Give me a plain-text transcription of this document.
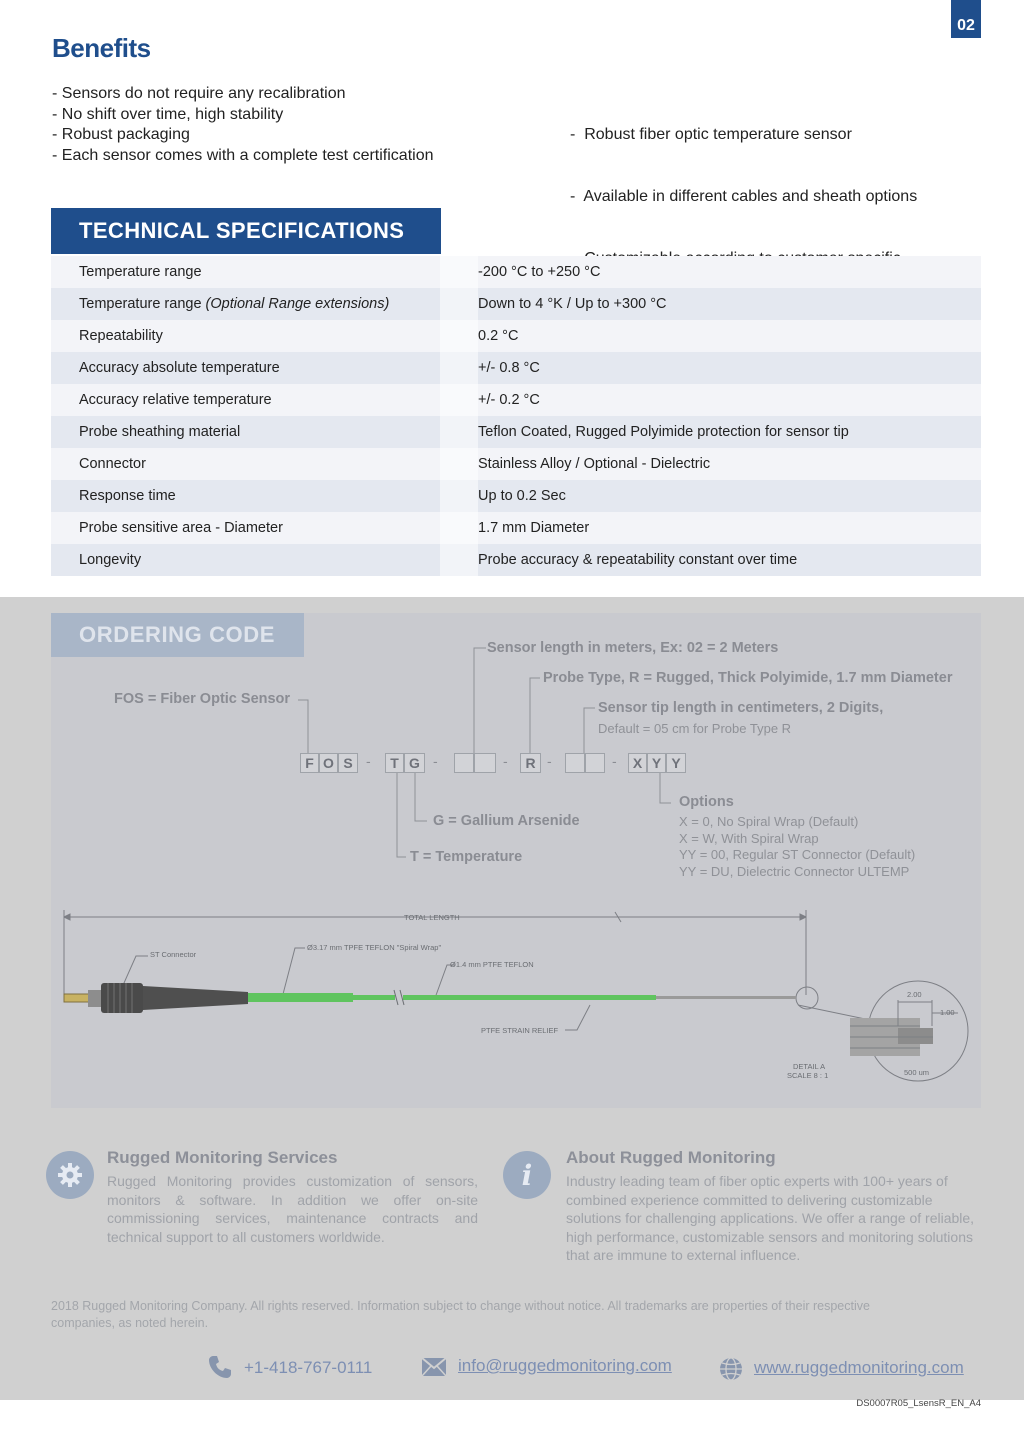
02
Benefits
- Sensors do not require any recalibration
- No shift over time, high stability
- Robust packaging
- Each sensor comes with a complete test certification

-  Robust fiber optic temperature sensor

-  Available in different cables and sheath options

TECHNICAL SPECIFICATIONS
Temperature range	-200 °C to +250 °C
Temperature range (Optional Range extensions)	Down to 4 °K / Up to +300 °C
Repeatability	0.2 °C
Accuracy absolute temperature	+/- 0.8 °C
Accuracy relative temperature	+/- 0.2 °C
Probe sheathing material	Teflon Coated, Rugged Polyimide protection for sensor tip
Connector	Stainless Alloy / Optional - Dielectric
Response time	Up to 0.2 Sec
Probe sensitive area - Diameter	1.7 mm Diameter
Longevity	Probe accuracy & repeatability constant over time
ORDERING CODE
Sensor length in meters, Ex: 02 = 2 Meters
Probe Type, R = Rugged, Thick Polyimide, 1.7 mm Diameter
FOS = Fiber Optic Sensor
Sensor tip length in centimeters, 2 Digits,
Default = 05 cm for Probe Type R
F O S -	T G -	-	R -	-	X Y Y
G = Gallium Arsenide
T = Temperature
Options
X = 0, No Spiral Wrap (Default)
X = W, With Spiral Wrap
YY = 00, Regular ST Connector (Default)
YY = DU, Dielectric Connector ULTEMP
TOTAL LENGTH
ST Connector
Ø3.17 mm TPFE TEFLON "Spiral Wrap"
Ø1.4 mm PTFE TEFLON
PTFE STRAIN RELIEF
DETAIL A
SCALE 8 : 1
2.00
1.00
500 um
Rugged Monitoring Services
Rugged Monitoring provides customization of sensors, monitors & software. In addition we offer on-site commissioning services, maintenance contracts and technical support to all customers worldwide.
i
About Rugged Monitoring
Industry leading team of fiber optic experts with 100+ years of combined experience committed to delivering customizable solutions for challenging applications. We offer a range of reliable, high performance, customizable sensors and monitoring solutions that are immune to external influence.
2018 Rugged Monitoring Company. All rights reserved. Information subject to change without notice. All trademarks are properties of their respective companies, as noted herein.
+1-418-767-0111	info@ruggedmonitoring.com	www.ruggedmonitoring.com
DS0007R05_LsensR_EN_A4
